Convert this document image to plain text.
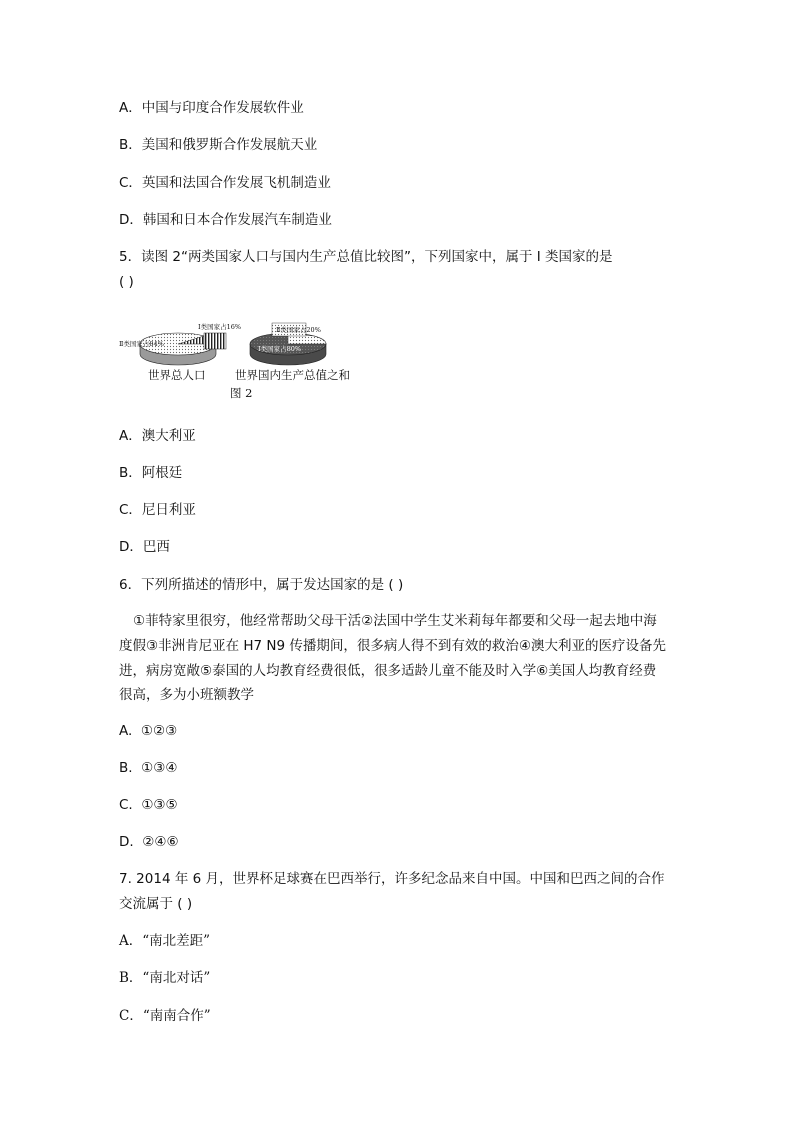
A．中国与印度合作发展软件业
B．美国和俄罗斯合作发展航天业
C．英国和法国合作发展飞机制造业
D．韩国和日本合作发展汽车制造业
5．读图 2“两类国家人口与国内生产总值比较图”，下列国家中，属于 I 类国家的是
( )
Ⅱ类国家占84%
Ⅰ类国家占16%
世界总人口
Ⅱ类国家占20%
Ⅰ类国家占80%
世界国内生产总值之和
图 2
A．澳大利亚
B．阿根廷
C．尼日利亚
D．巴西
6．下列所描述的情形中，属于发达国家的是 ( )
①菲特家里很穷，他经常帮助父母干活②法国中学生艾米莉每年都要和父母一起去地中海
度假③非洲肯尼亚在 H7 N9 传播期间，很多病人得不到有效的救治④澳大利亚的医疗设备先
进，病房宽敞⑤泰国的人均教育经费很低，很多适龄儿童不能及时入学⑥美国人均教育经费
很高，多为小班额教学
A. ①②③
B. ①③④
C. ①③⑤
D. ②④⑥
7. 2014 年 6 月，世界杯足球赛在巴西举行，许多纪念品来自中国。中国和巴西之间的合作
交流属于 ( )
A．“南北差距”
B．“南北对话”
C．“南南合作”
